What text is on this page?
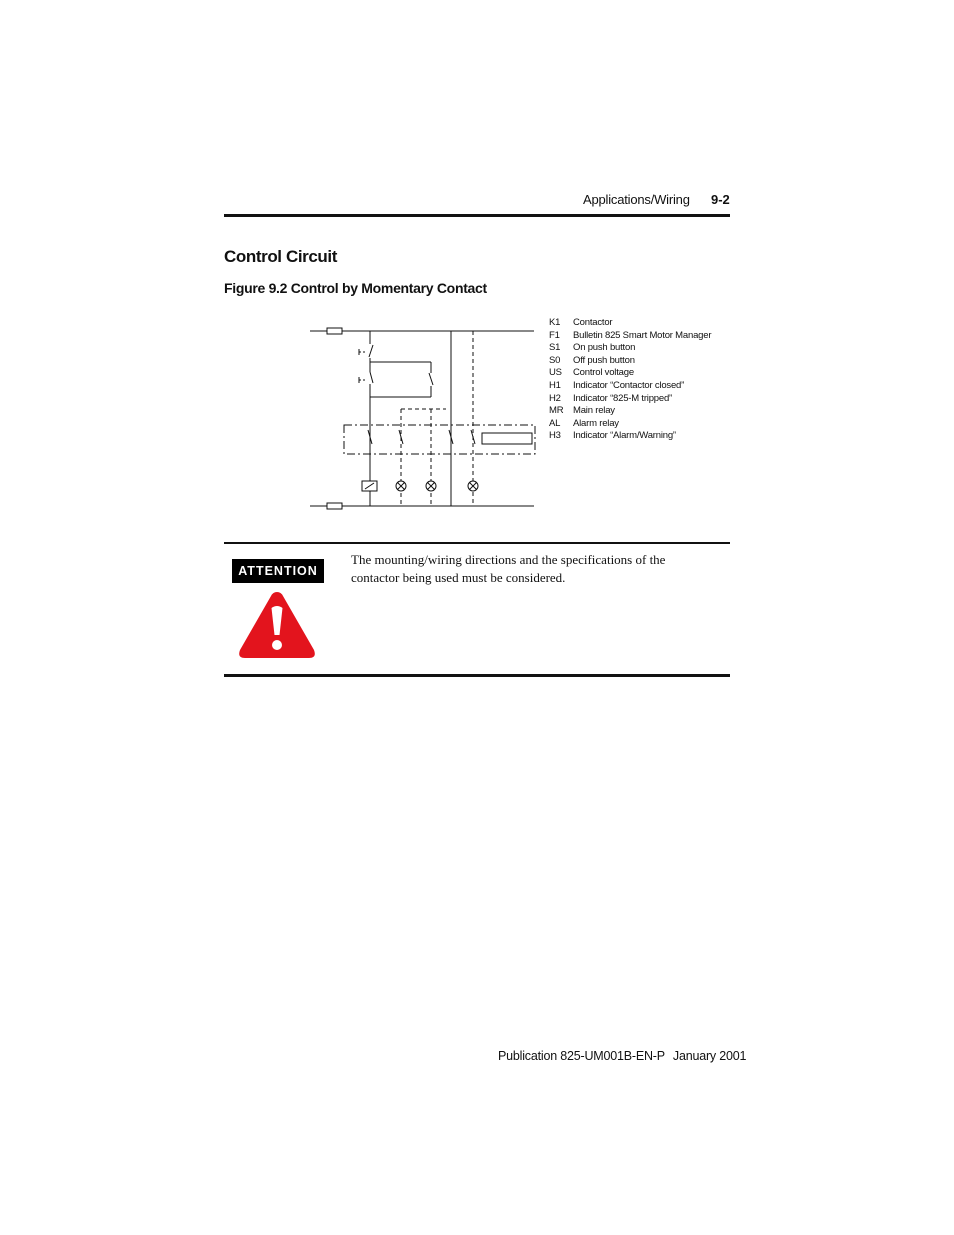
Applications/Wiring 9-2
Control Circuit
Figure 9.2 Control by Momentary Contact
K1	Contactor
F1	Bulletin 825 Smart Motor Manager
S1	On push button
S0	Off push button
US	Control voltage
H1	Indicator “Contactor closed”
H2	Indicator “825-M tripped”
MR	Main relay
AL	Alarm relay
H3	Indicator “Alarm/Warning”
ATTENTION
The mounting/wiring directions and the specifications of the contactor being used must be considered.
Publication 825-UM001B-EN-P January 2001
